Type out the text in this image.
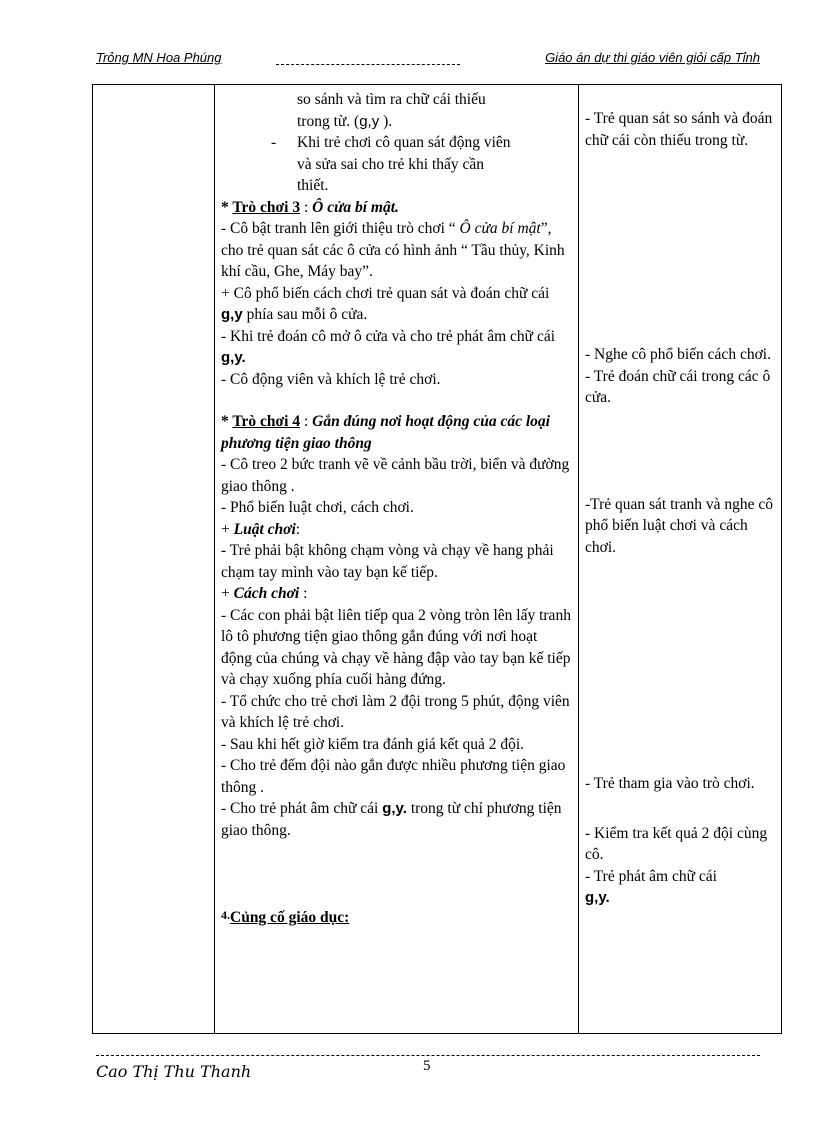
Trỏng MN Hoa Phúng	Giáo án dự thi giáo viên giỏi cấp Tỉnh

so sánh và tìm ra chữ cái thiếu
trong từ. (g,y ).
- Khi trẻ chơi cô quan sát động viên
và sửa sai cho trẻ khi thấy cần
thiết.
* Trò chơi 3 : Ô cửa bí mật.
- Cô bật tranh lên giới thiệu trò chơi “ Ô cửa bí mật”, cho trẻ quan sát các ô cửa có hình ảnh “ Tầu thủy, Kinh khí cầu, Ghe, Máy bay”.
+ Cô phổ biến cách chơi trẻ quan sát và đoán chữ cái g,y phía sau mỗi ô cửa.
- Khi trẻ đoán cô mở ô cửa và cho trẻ phát âm chữ cái g,y.
- Cô động viên và khích lệ trẻ chơi.
* Trò chơi 4 : Gắn đúng nơi hoạt động của các loại phương tiện giao thông
- Cô treo 2 bức tranh vẽ về cảnh bầu trời, biển và đường giao thông .
- Phổ biến luật chơi, cách chơi.
+ Luật chơi:
- Trẻ phải bật không chạm vòng và chạy về hang phải chạm tay mình vào tay bạn kế tiếp.
+ Cách chơi :
- Các con phải bật liên tiếp qua 2 vòng tròn lên lấy tranh lô tô phương tiện giao thông gắn đúng với nơi hoạt động của chúng và chạy về hàng đập vào tay bạn kế tiếp và chạy xuống phía cuối hàng đứng.
- Tổ chức cho trẻ chơi làm 2 đội trong 5 phút, động viên và khích lệ trẻ chơi.
- Sau khi hết giờ kiểm tra đánh giá kết quả 2 đội.
- Cho trẻ đếm đội nào gắn được nhiều phương tiện giao thông .
- Cho trẻ phát âm chữ cái g,y. trong từ chỉ phương tiện giao thông.
4.Củng cố giáo dục:

- Trẻ quan sát so sánh và đoán chữ cái còn thiếu trong từ.
- Nghe cô phổ biến cách chơi.
- Trẻ đoán chữ cái trong các ô cửa.
-Trẻ quan sát tranh và nghe cô phổ biến luật chơi và cách chơi.
- Trẻ tham gia vào trò chơi.
- Kiểm tra kết quả 2 đội cùng cô.
- Trẻ phát âm chữ cái
g,y.
Cao Thị Thu Thanh	5
